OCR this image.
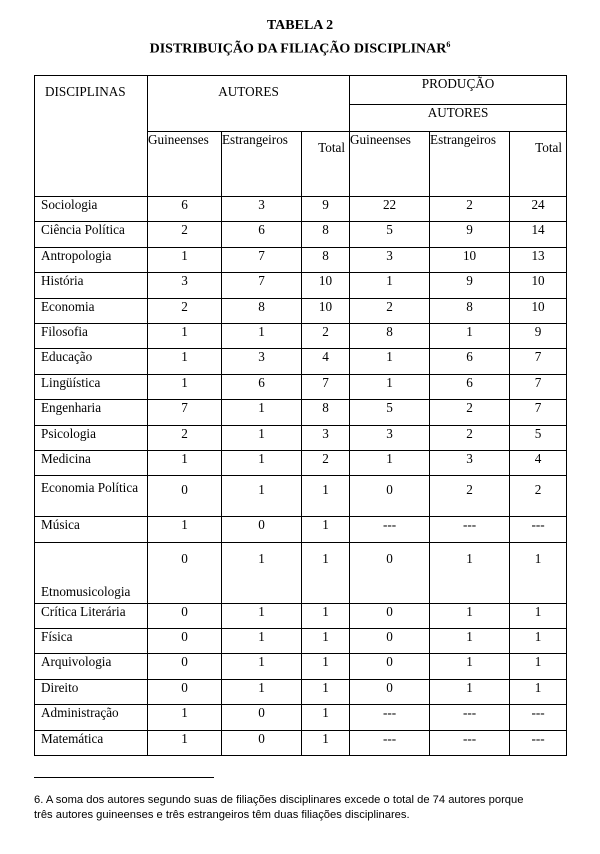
TABELA 2
DISTRIBUIÇÃO DA FILIAÇÃO DISCIPLINAR$^6$
DISCIPLINAS	AUTORES			PRODUÇÃO		
				AUTORES		
	Guineenses	Estrangeiros	Total	Guineenses	Estrangeiros	Total
Sociologia	6	3	9	22	2	24
Ciência Política	2	6	8	5	9	14
Antropologia	1	7	8	3	10	13
História	3	7	10	1	9	10
Economia	2	8	10	2	8	10
Filosofia	1	1	2	8	1	9
Educação	1	3	4	1	6	7
Lingüística	1	6	7	1	6	7
Engenharia	7	1	8	5	2	7
Psicologia	2	1	3	3	2	5
Medicina	1	1	2	1	3	4
Economia Política	0	1	1	0	2	2
Música	1	0	1	---	---	---
Etnomusicologia	0	1	1	0	1	1
Crítica Literária	0	1	1	0	1	1
Física	0	1	1	0	1	1
Arquivologia	0	1	1	0	1	1
Direito	0	1	1	0	1	1
Administração	1	0	1	---	---	---
Matemática	1	0	1	---	---	---
6. A soma dos autores segundo suas de filiações disciplinares excede o total de 74 autores porque
três autores guineenses e três estrangeiros têm duas filiações disciplinares.
